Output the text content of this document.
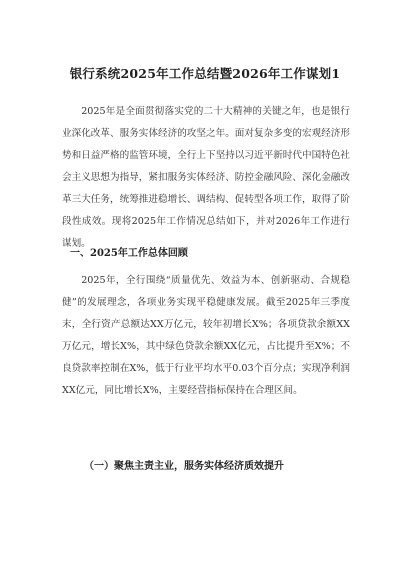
银行系统2025年工作总结暨2026年工作谋划1

2025年是全面贯彻落实党的二十大精神的关键之年，也是银行业深化改革、服务实体经济的攻坚之年。面对复杂多变的宏观经济形势和日益严格的监管环境，全行上下坚持以习近平新时代中国特色社会主义思想为指导，紧扣服务实体经济、防控金融风险、深化金融改革三大任务，统筹推进稳增长、调结构、促转型各项工作，取得了阶段性成效。现将2025年工作情况总结如下，并对2026年工作进行谋划。

一、2025年工作总体回顾

2025年，全行围绕“质量优先、效益为本、创新驱动、合规稳健”的发展理念，各项业务实现平稳健康发展。截至2025年三季度末，全行资产总额达XX万亿元，较年初增长X%；各项贷款余额XX万亿元，增长X%，其中绿色贷款余额XX亿元，占比提升至X%；不良贷款率控制在X%，低于行业平均水平0.03个百分点；实现净利润XX亿元，同比增长X%，主要经营指标保持在合理区间。

（一）聚焦主责主业，服务实体经济质效提升
